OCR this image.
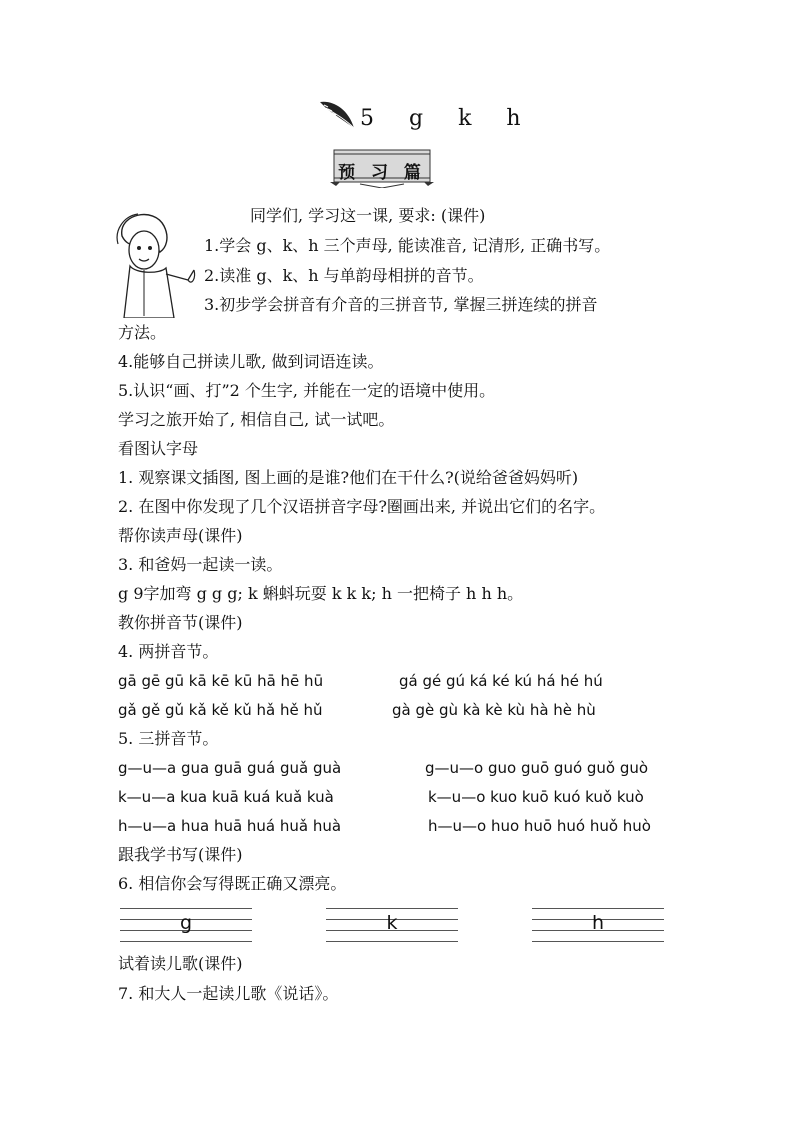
5 g k h
预 习 篇
同学们, 学习这一课, 要求: (课件)
1.学会 g、k、h 三个声母, 能读准音, 记清形, 正确书写。
2.读准 g、k、h 与单韵母相拼的音节。
3.初步学会拼音有介音的三拼音节, 掌握三拼连续的拼音
方法。
4.能够自己拼读儿歌, 做到词语连读。
5.认识“画、打”2 个生字, 并能在一定的语境中使用。
学习之旅开始了, 相信自己, 试一试吧。
看图认字母
1. 观察课文插图, 图上画的是谁?他们在干什么?(说给爸爸妈妈听)
2. 在图中你发现了几个汉语拼音字母?圈画出来, 并说出它们的名字。
帮你读声母(课件)
3. 和爸妈一起读一读。
g 9字加弯 g g g; k 蝌蚪玩耍 k k k; h 一把椅子 h h h。
教你拼音节(课件)
4. 两拼音节。
gā gē gū kā kē kū hā hē hū	gá gé gú ká ké kú há hé hú
gǎ gě gǔ kǎ kě kǔ hǎ hě hǔ	gà gè gù kà kè kù hà hè hù
5. 三拼音节。
g—u—a gua guā guá guǎ guà	g—u—o guo guō guó guǒ guò
k—u—a kua kuā kuá kuǎ kuà	k—u—o kuo kuō kuó kuǒ kuò
h—u—a hua huā huá huǎ huà	h—u—o huo huō huó huǒ huò
跟我学书写(课件)
6. 相信你会写得既正确又漂亮。
g	k	h
试着读儿歌(课件)
7. 和大人一起读儿歌《说话》。
